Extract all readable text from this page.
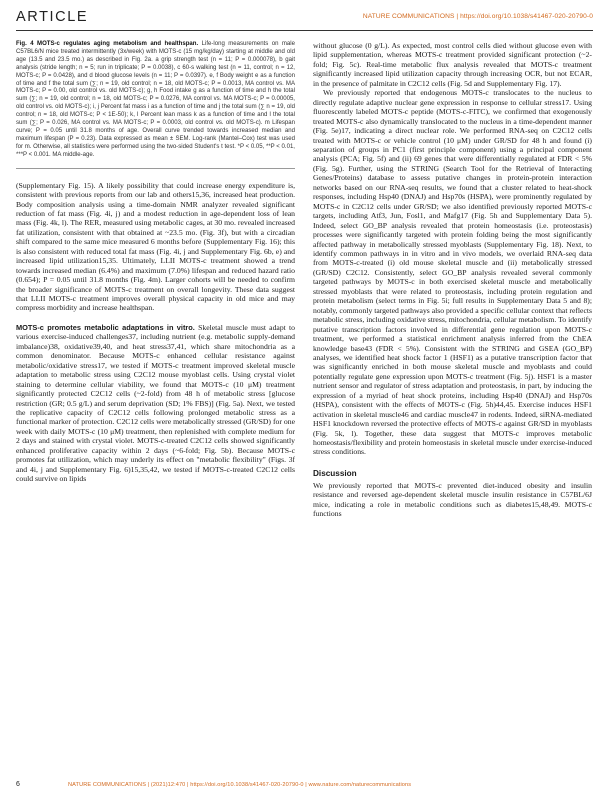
ARTICLE	NATURE COMMUNICATIONS | https://doi.org/10.1038/s41467-020-20790-0

Fig. 4 MOTS-c regulates aging metabolism and healthspan. Life-long measurements on male C57BL6/N mice treated intermittently (3x/week) with MOTS-c (15 mg/kg/day) starting at middle and old age (13.5 and 23.5 mo.) as described in Fig. 2a. a grip strength test (n = 11; P = 0.000078), b gait analysis (stride length; n = 5; run in triplicate; P = 0.0038), c 60-s walking test (n = 11, control; n = 12, MOTS-c; P = 0.0428), and d blood glucose levels (n = 11; P = 0.0397). e, f Body weight e as a function of time and f the total sum (∑; n = 19, old control; n = 18, old MOTS-c; P = 0.0013, MA control vs. MA MOTS-c; P = 0.00, old control vs. old MOTS-c); g, h Food intake g as a function of time and h the total sum (∑; n = 19, old control; n = 18, old MOTS-c; P = 0.0276, MA control vs. MA MOTS-c; P = 0.00005, old control vs. old MOTS-c); i, j Percent fat mass i as a function of time and j the total sum (∑ n = 19, old control; n = 18, old MOTS-c; P < 1E-50); k, l Percent lean mass k as a function of time and l the total sum (∑; P = 0.026, MA control vs. MA MOTS-c; P = 0.0003, old control vs. old MOTS-c). m Lifespan curve; P = 0.05 until 31.8 months of age. Overall curve trended towards increased median and maximum lifespan (P = 0.23). Data expressed as mean ± SEM. Log-rank (Mantel–Cox) test was used for m. Otherwise, all statistics were performed using the two-sided Student's t test. *P < 0.05, **P < 0.01, ***P < 0.001. MA middle-age.

(Supplementary Fig. 15). A likely possibility that could increase energy expenditure is, consistent with previous reports from our lab and others15,36, increased heat production. Body composition analysis using a time-domain NMR analyzer revealed significant reduction of fat mass (Fig. 4i, j) and a modest reduction in age-dependent loss of lean mass (Fig. 4k, l). The RER, measured using metabolic cages, at 30 mo. revealed increased fat utilization, consistent with that obtained at ~23.5 mo. (Fig. 3f), but with a circadian shift compared to the same mice measured 6 months before (Supplementary Fig. 16); this is also consistent with reduced total fat mass (Fig. 4i, j and Supplementary Fig. 6b, e) and increased lipid utilization15,35. Ultimately, LLII MOTS-c treatment showed a trend towards increased median (6.4%) and maximum (7.0%) lifespan and reduced hazard ratio (0.654); P = 0.05 until 31.8 months (Fig. 4m). Larger cohorts will be needed to confirm the broader significance of MOTS-c treatment on overall longevity. These data suggest that LLII MOTS-c treatment improves overall physical capacity in old mice and may compress morbidity and increase healthspan.

MOTS-c promotes metabolic adaptations in vitro. Skeletal muscle must adapt to various exercise-induced challenges37, including nutrient (e.g. metabolic supply-demand imbalance)38, oxidative39,40, and heat stress37,41, which share mitochondria as a common denominator. Because MOTS-c enhanced cellular resistance against metabolic/oxidative stress17, we tested if MOTS-c treatment improved skeletal muscle adaptation to metabolic stress using C2C12 mouse myoblast cells. Using crystal violet staining to determine cellular viability, we found that MOTS-c (10 μM) treatment significantly protected C2C12 cells (~2-fold) from 48 h of metabolic stress [glucose restriction (GR; 0.5 g/L) and serum deprivation (SD; 1% FBS)] (Fig. 5a). Next, we tested the replicative capacity of C2C12 cells following prolonged metabolic stress as a functional marker of protection. C2C12 cells were metabolically stressed (GR/SD) for one week with daily MOTS-c (10 μM) treatment, then replenished with complete medium for 2 days and stained with crystal violet. MOTS-c-treated C2C12 cells showed significantly enhanced proliferative capacity within 2 days (~6-fold; Fig. 5b). Because MOTS-c promotes fat utilization, which may underly its effect on "metabolic flexibility" (Figs. 3f and 4i, j and Supplementary Fig. 6)15,35,42, we tested if MOTS-c-treated C2C12 cells could survive on lipids

without glucose (0 g/L). As expected, most control cells died without glucose even with lipid supplementation, whereas MOTS-c treatment provided significant protection (~2-fold; Fig. 5c). Real-time metabolic flux analysis revealed that MOTS-c treatment significantly increased lipid utilization capacity through increasing OCR, but not ECAR, in the presence of palmitate in C2C12 cells (Fig. 5d and Supplementary Fig. 17).

We previously reported that endogenous MOTS-c translocates to the nucleus to directly regulate adaptive nuclear gene expression in response to cellular stress17. Using fluorescently labeled MOTS-c peptide (MOTS-c-FITC), we confirmed that exogenously treated MOTS-c also dynamically translocated to the nucleus in a time-dependent manner (Fig. 5e)17, indicating a direct nuclear role. We performed RNA-seq on C2C12 cells treated with MOTS-c or vehicle control (10 μM) under GR/SD for 48 h and found (i) separation of groups in PC1 (first principle component) using a principal component analysis (PCA; Fig. 5f) and (ii) 69 genes that were differentially regulated at FDR < 5% (Fig. 5g). Further, using the STRING (Search Tool for the Retrieval of Interacting Genes/Proteins) database to assess putative changes in protein-protein interaction networks based on our RNA-seq results, we found that a cluster related to heat-shock responses, including Hsp40 (DNAJ) and Hsp70s (HSPA), were prominently regulated by MOTS-c in C2C12 cells under GR/SD; we also identified previously reported MOTS-c targets, including Atf3, Jun, Fosl1, and Mafg17 (Fig. 5h and Supplementary Data 5). Indeed, select GO_BP analysis revealed that protein homeostasis (i.e. proteostasis) processes were significantly targeted with protein folding being the most significantly affected pathway in metabolically stressed myoblasts (Supplementary Fig. 18). Next, to identify common pathways in in vitro and in vivo models, we overlaid RNA-seq data from MOTS-c-treated (i) old mouse skeletal muscle and (ii) metabolically stressed (GR/SD) C2C12. Consistently, select GO_BP analysis revealed several commonly targeted pathways by MOTS-c in both exercised skeletal muscle and metabolically stressed myoblasts that were related to proteostasis, including protein regulation and protein metabolism (select terms in Fig. 5i; full results in Supplementary Data 5 and 8); notably, commonly targeted pathways also provided a specific cellular context that reflects metabolic stress, including oxidative stress, mitochondria, cellular metabolism. To identify putative transcription factors involved in differential gene regulation upon MOTS-c treatment, we performed a statistical enrichment analysis inferred from the ChEA knowledge base43 (FDR < 5%). Consistent with the STRING and GSEA (GO_BP) analyses, we identified heat shock factor 1 (HSF1) as a putative transcription factor that was significantly enriched in both mouse skeletal muscle and myoblasts and could potentially regulate gene expression upon MOTS-c treatment (Fig. 5j). HSF1 is a master nutrient sensor and regulator of stress adaptation and proteostasis, in part, by inducing the expression of a myriad of heat shock proteins, including Hsp40 (DNAJ) and Hsp70s (HSPA), consistent with the effects of MOTS-c (Fig. 5h)44,45. Exercise induces HSF1 activation in skeletal muscle46 and cardiac muscle47 in rodents. Indeed, siRNA-mediated HSF1 knockdown reversed the protective effects of MOTS-c against GR/SD in myoblasts (Fig. 5k, l). Together, these data suggest that MOTS-c improves metabolic homeostasis/flexibility and protein homeostasis in skeletal muscle under exercise-induced stress conditions.

Discussion

We previously reported that MOTS-c prevented diet-induced obesity and insulin resistance and reversed age-dependent skeletal muscle insulin resistance in C57BL/6J mice, indicating a role in metabolic conditions such as diabetes15,48,49. MOTS-c functions

6	NATURE COMMUNICATIONS | (2021)12:470 | https://doi.org/10.1038/s41467-020-20790-0 | www.nature.com/naturecommunications
